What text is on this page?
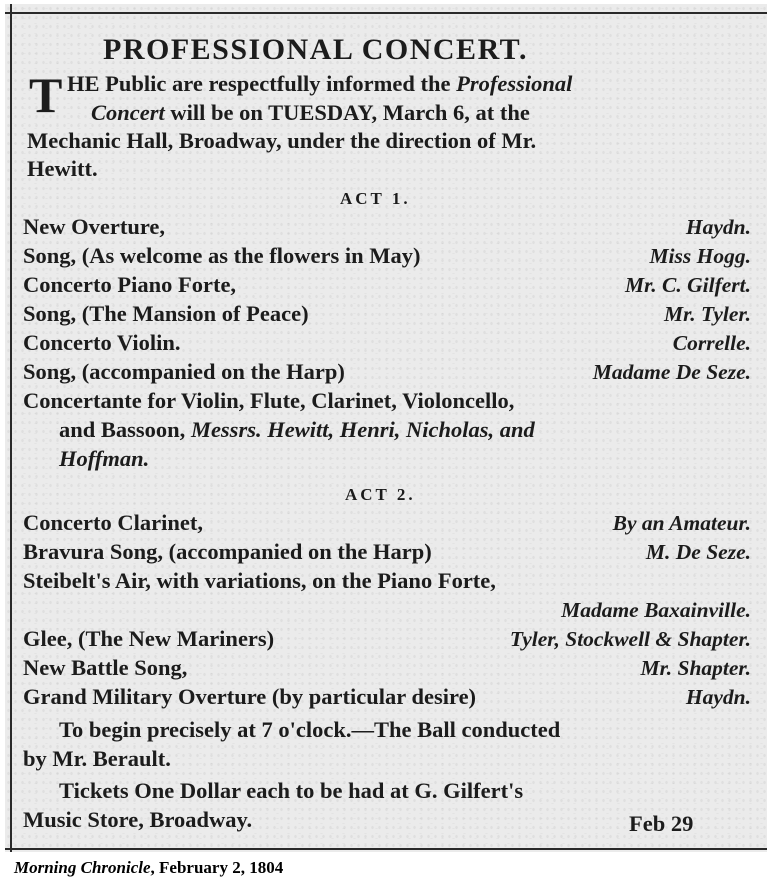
PROFESSIONAL CONCERT.
T HE Public are respectfully informed the Professional
Concert will be on TUESDAY, March 6, at the
Mechanic Hall, Broadway, under the direction of Mr.
Hewitt.
ACT 1.
New Overture,	Haydn.
Song, (As welcome as the flowers in May)	Miss Hogg.
Concerto Piano Forte,	Mr. C. Gilfert.
Song, (The Mansion of Peace)	Mr. Tyler.
Concerto Violin.	Correlle.
Song, (accompanied on the Harp)	Madame De Seze.
Concertante for Violin, Flute, Clarinet, Violoncello,
and Bassoon, Messrs. Hewitt, Henri, Nicholas, and
Hoffman.
ACT 2.
Concerto Clarinet,	By an Amateur.
Bravura Song, (accompanied on the Harp)	M. De Seze.
Steibelt's Air, with variations, on the Piano Forte,
Madame Baxainville.
Glee, (The New Mariners)	Tyler, Stockwell & Shapter.
New Battle Song,	Mr. Shapter.
Grand Military Overture (by particular desire)	Haydn.
To begin precisely at 7 o'clock.—The Ball conducted
by Mr. Berault.
Tickets One Dollar each to be had at G. Gilfert's
Music Store, Broadway.	Feb 29
Morning Chronicle, February 2, 1804
